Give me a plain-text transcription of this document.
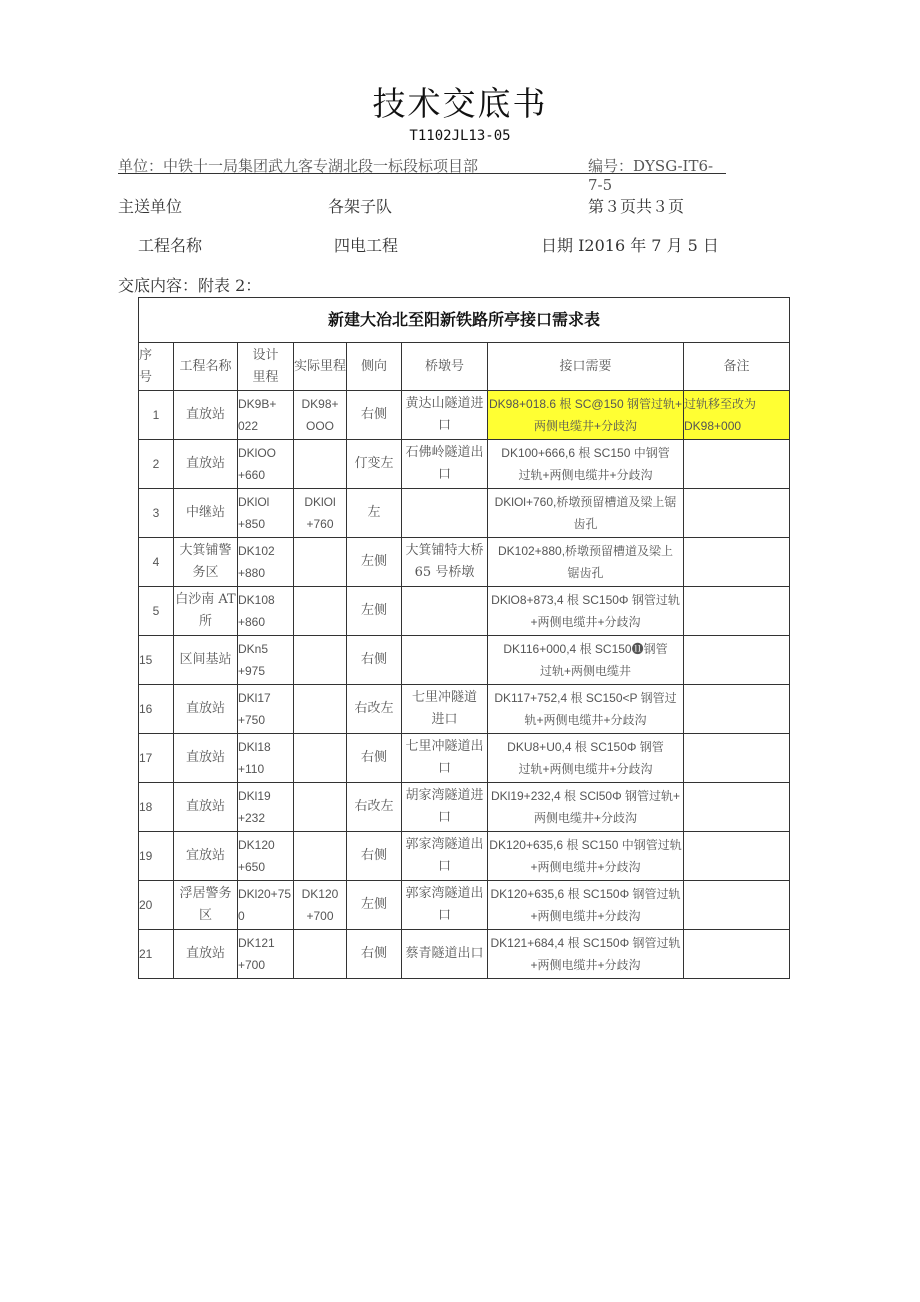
技术交底书
T1102JL13-05
单位：中铁十一局集团武九客专湖北段一标段标项目部	编号：DYSG-IT6-7-5
主送单位	各架子队	第３页共３页
工程名称	四电工程	日期 I2016 年 7 月 5 日
交底内容：附表 2：
新建大冶北至阳新铁路所亭接口需求表							
序
号	工程名称	设计
里程	实际里程	侧向	桥墩号	接口需要	备注
1	直放站	DK9B+
022	DK98+
OOO	右侧	黄达山隧道进
口	DK98+018.6 根 SC@150 钢管过轨+
两侧电缆井+分歧沟	过轨移至改为
DK98+000
2	直放站	DKlOO
+660		仃变左	石佛岭隧道出
口	DK100+666,6 根 SC150 中钢管
过轨+两侧电缆井+分歧沟	
3	中继站	DKlOl
+850	DKlOl
+760	左		DKlOl+760,桥墩预留槽道及梁上锯
齿孔	
4	大箕铺警
务区	DK102
+880		左侧	大箕铺特大桥
65 号桥墩	DK102+880,桥墩预留槽道及梁上
锯齿孔	
5	白沙南 AT
所	DK108
+860		左侧		DKlO8+873,4 根 SC150Φ 钢管过轨
+两侧电缆井+分歧沟	
15	区间基站	DKn5
+975		右侧		DK116+000,4 根 SC150⓫钢管
过轨+两侧电缆井	
16	直放站	DKl17
+750		右改左	七里冲隧道
进口	DK117+752,4 根 SC150<P 钢管过
轨+两侧电缆井+分歧沟	
17	直放站	DKl18
+110		右侧	七里冲隧道出
口	DKU8+U0,4 根 SC150Φ 钢管
过轨+两侧电缆井+分歧沟	
18	直放站	DKl19
+232		右改左	胡家湾隧道进
口	DKl19+232,4 根 SCl50Φ 钢管过轨+
两侧电缆井+分歧沟	
19	宜放站	DK120
+650		右侧	郭家湾隧道出
口	DK120+635,6 根 SC150 中钢管过轨
+两侧电缆井+分歧沟	
20	浮居警务
区	DKl20+75
0	DK120
+700	左侧	郭家湾隧道出
口	DK120+635,6 根 SC150Φ 钢管过轨
+两侧电缆井+分歧沟	
21	直放站	DK121
+700		右侧	蔡青隧道出口	DK121+684,4 根 SC150Φ 钢管过轨
+两侧电缆井+分歧沟	
